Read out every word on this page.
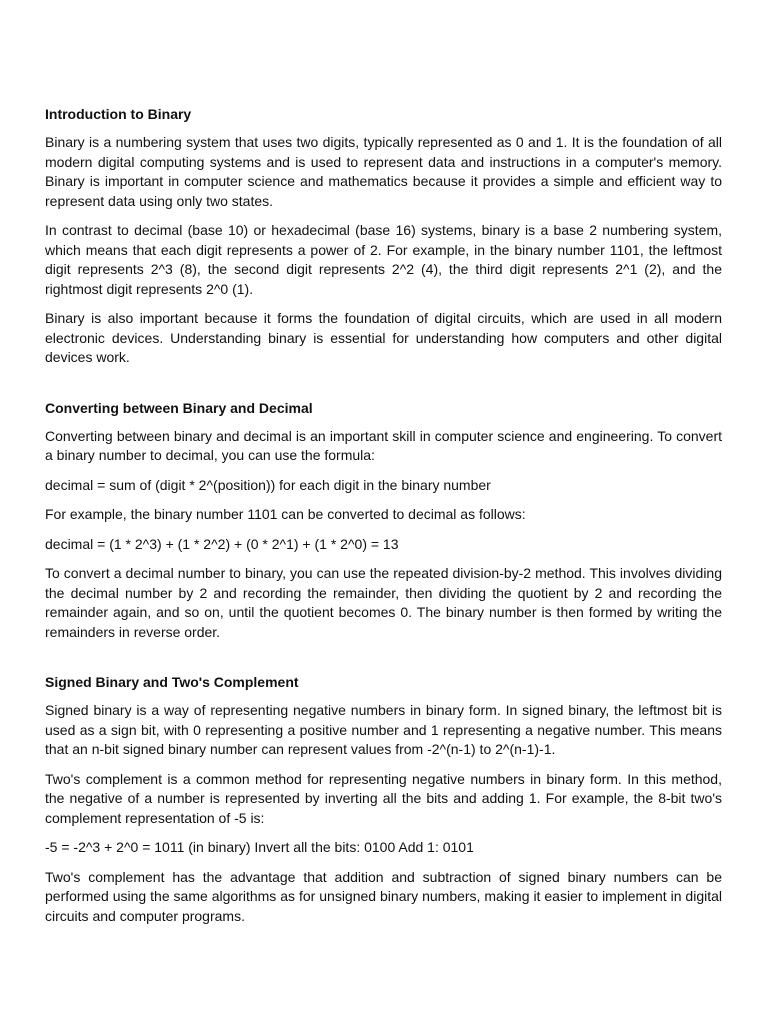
Introduction to Binary

Binary is a numbering system that uses two digits, typically represented as 0 and 1. It is the foundation of all modern digital computing systems and is used to represent data and instructions in a computer's memory. Binary is important in computer science and mathematics because it provides a simple and efficient way to represent data using only two states.

In contrast to decimal (base 10) or hexadecimal (base 16) systems, binary is a base 2 numbering system, which means that each digit represents a power of 2. For example, in the binary number 1101, the leftmost digit represents 2^3 (8), the second digit represents 2^2 (4), the third digit represents 2^1 (2), and the rightmost digit represents 2^0 (1).

Binary is also important because it forms the foundation of digital circuits, which are used in all modern electronic devices. Understanding binary is essential for understanding how computers and other digital devices work.

Converting between Binary and Decimal

Converting between binary and decimal is an important skill in computer science and engineering. To convert a binary number to decimal, you can use the formula:

decimal = sum of (digit * 2^(position)) for each digit in the binary number

For example, the binary number 1101 can be converted to decimal as follows:

decimal = (1 * 2^3) + (1 * 2^2) + (0 * 2^1) + (1 * 2^0) = 13

To convert a decimal number to binary, you can use the repeated division-by-2 method. This involves dividing the decimal number by 2 and recording the remainder, then dividing the quotient by 2 and recording the remainder again, and so on, until the quotient becomes 0. The binary number is then formed by writing the remainders in reverse order.

Signed Binary and Two's Complement

Signed binary is a way of representing negative numbers in binary form. In signed binary, the leftmost bit is used as a sign bit, with 0 representing a positive number and 1 representing a negative number. This means that an n-bit signed binary number can represent values from -2^(n-1) to 2^(n-1)-1.

Two's complement is a common method for representing negative numbers in binary form. In this method, the negative of a number is represented by inverting all the bits and adding 1. For example, the 8-bit two's complement representation of -5 is:

-5 = -2^3 + 2^0 = 1011 (in binary) Invert all the bits: 0100 Add 1: 0101

Two's complement has the advantage that addition and subtraction of signed binary numbers can be performed using the same algorithms as for unsigned binary numbers, making it easier to implement in digital circuits and computer programs.
